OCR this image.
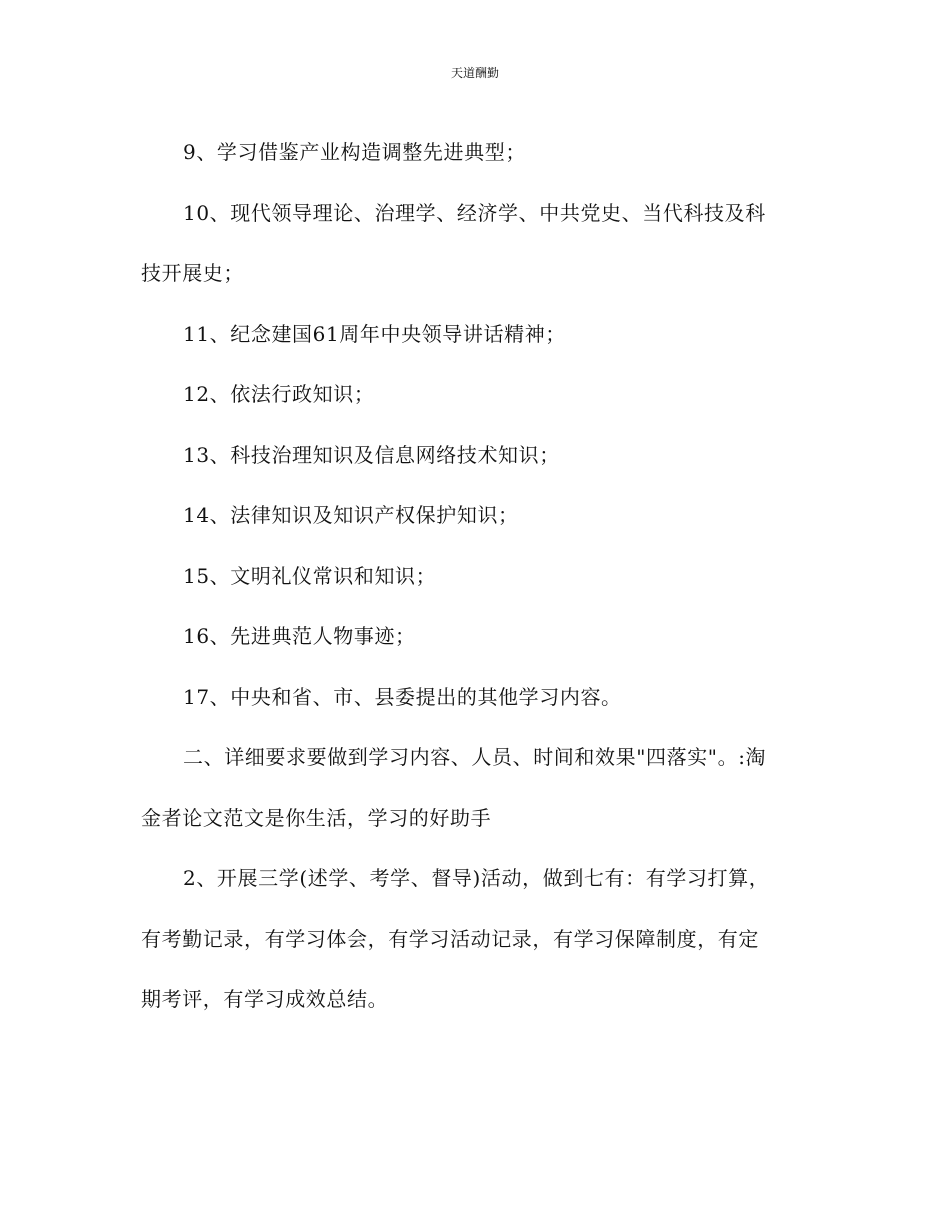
天道酬勤
9、学习借鉴产业构造调整先进典型；
10、现代领导理论、治理学、经济学、中共党史、当代科技及科
技开展史；
11、纪念建国61周年中央领导讲话精神；
12、依法行政知识；
13、科技治理知识及信息网络技术知识；
14、法律知识及知识产权保护知识；
15、文明礼仪常识和知识；
16、先进典范人物事迹；
17、中央和省、市、县委提出的其他学习内容。
二、详细要求要做到学习内容、人员、时间和效果"四落实"。:淘
金者论文范文是你生活，学习的好助手
2、开展三学(述学、考学、督导)活动，做到七有：有学习打算，
有考勤记录，有学习体会，有学习活动记录，有学习保障制度，有定
期考评，有学习成效总结。
